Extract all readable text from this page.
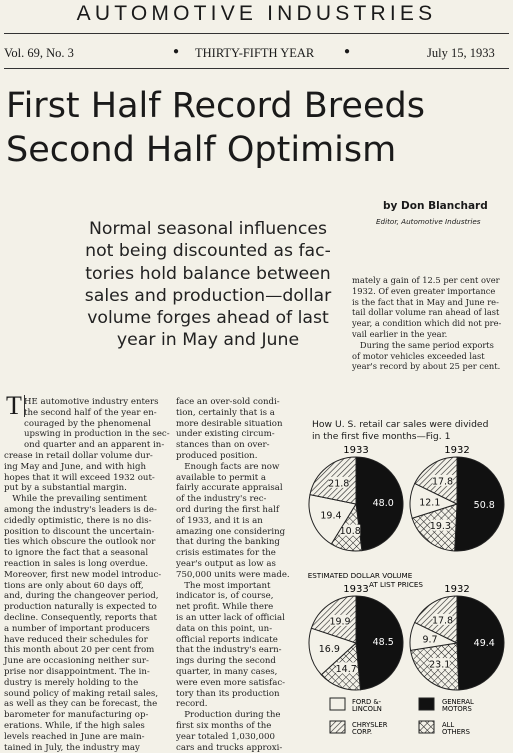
AUTOMOTIVE INDUSTRIES
Vol. 69, No. 3	● THIRTY-FIFTH YEAR	●	July 15, 1933
First Half Record Breeds
Second Half Optimism
by Don Blanchard
Editor, Automotive Industries
Normal seasonal influences
not being discounted as fac-
tories hold balance between
sales and production—dollar
volume forges ahead of last
year in May and June
T HE automotive industry enters
the second half of the year en-
couraged by the phenomenal
upswing in production in the sec-
ond quarter and an apparent in-
crease in retail dollar volume dur-
ing May and June, and with high
hopes that it will exceed 1932 out-
put by a substantial margin.
While the prevailing sentiment
among the industry's leaders is de-
cidedly optimistic, there is no dis-
position to discount the uncertain-
ties which obscure the outlook nor
to ignore the fact that a seasonal
reaction in sales is long overdue.
Moreover, first new model introduc-
tions are only about 60 days off,
and, during the changeover period,
production naturally is expected to
decline. Consequently, reports that
a number of important producers
have reduced their schedules for
this month about 20 per cent from
June are occasioning neither sur-
prise nor disappointment. The in-
dustry is merely holding to the
sound policy of making retail sales,
as well as they can be forecast, the
barometer for manufacturing op-
erations. While, if the high sales
levels reached in June are main-
tained in July, the industry may
face an over-sold condi-
tion, certainly that is a
more desirable situation
under existing circum-
stances than on over-
produced position.
Enough facts are now
available to permit a
fairly accurate appraisal
of the industry's rec-
ord during the first half
of 1933, and it is an
amazing one considering
that during the banking
crisis estimates for the
year's output as low as
750,000 units were made.
The most important
indicator is, of course,
net profit. While there
is an utter lack of official
data on this point, un-
official reports indicate
that the industry's earn-
ings during the second
quarter, in many cases,
were even more satisfac-
tory than its production
record.
Production during the
first six months of the
year totaled 1,030,000
cars and trucks approxi-
mately a gain of 12.5 per cent over
1932. Of even greater importance
is the fact that in May and June re-
tail dollar volume ran ahead of last
year, a condition which did not pre-
vail earlier in the year.
During the same period exports
of motor vehicles exceeded last
year's record by about 25 per cent.
How U. S. retail car sales were divided
in the first five months—Fig. 1
ESTIMATED DOLLAR VOLUME
AT LIST PRICES
1933
48.0
10.8
19.4
21.8
1932
50.8
19.3
12.1
17.8
1933
48.5
14.7
16.9
19.9
1932
49.4
23.1
9.7
17.8
FORD &-
LINCOLN
CHRYSLER
CORP.
GENERAL
MOTORS
ALL
OTHERS
